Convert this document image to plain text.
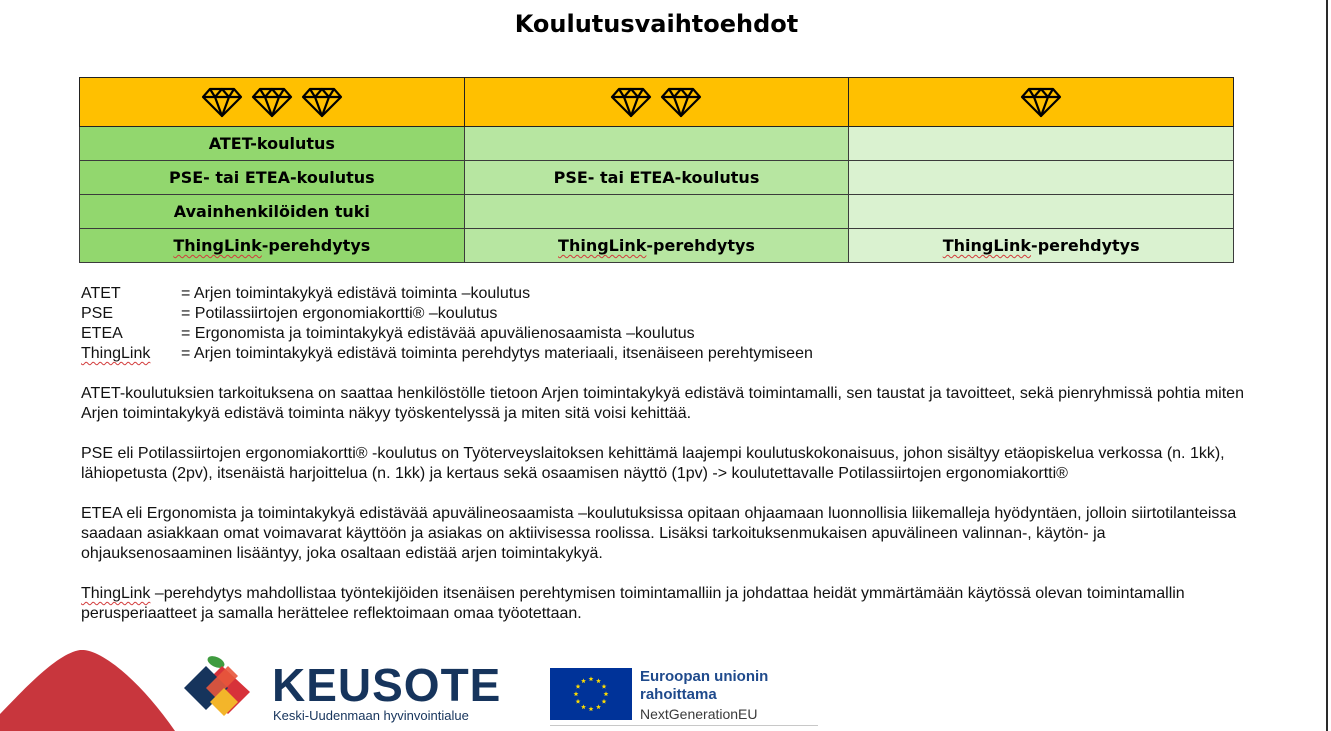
Koulutusvaihtoehdot

ATET-koulutus		
PSE- tai ETEA-koulutus	PSE- tai ETEA-koulutus	
Avainhenkilöiden tuki		
ThingLink-perehdytys	ThingLink-perehdytys	ThingLink-perehdytys
ATET	= Arjen toimintakykyä edistävä toiminta –koulutus
PSE	= Potilassiirtojen ergonomiakortti® –koulutus
ETEA	= Ergonomista ja toimintakykyä edistävää apuvälienosaamista –koulutus
ThingLink	= Arjen toimintakykyä edistävä toiminta perehdytys materiaali, itsenäiseen perehtymiseen
ATET-koulutuksien tarkoituksena on saattaa henkilöstölle tietoon Arjen toimintakykyä edistävä toimintamalli, sen taustat ja tavoitteet, sekä pienryhmissä pohtia miten Arjen toimintakykyä edistävä toiminta näkyy työskentelyssä ja miten sitä voisi kehittää.
PSE eli Potilassiirtojen ergonomiakortti® -koulutus on Työterveyslaitoksen kehittämä laajempi koulutuskokonaisuus, johon sisältyy etäopiskelua verkossa (n. 1kk), lähiopetusta (2pv), itsenäistä harjoittelua (n. 1kk) ja kertaus sekä osaamisen näyttö (1pv) -> koulutettavalle Potilassiirtojen ergonomiakortti®
ETEA eli Ergonomista ja toimintakykyä edistävää apuvälineosaamista –koulutuksissa opitaan ohjaamaan luonnollisia liikemalleja hyödyntäen, jolloin siirtotilanteissa saadaan asiakkaan omat voimavarat käyttöön ja asiakas on aktiivisessa roolissa. Lisäksi tarkoituksenmukaisen apuvälineen valinnan-, käytön- ja ohjauksenosaaminen lisääntyy, joka osaltaan edistää arjen toimintakykyä.
ThingLink –perehdytys mahdollistaa työntekijöiden itsenäisen perehtymisen toimintamalliin ja johdattaa heidät ymmärtämään käytössä olevan toimintamallin perusperiaatteet ja samalla herättelee reflektoimaan omaa työotettaan.
KEUSOTE
Keski-Uudenmaan hyvinvointialue
Euroopan unionin
rahoittama
NextGenerationEU
